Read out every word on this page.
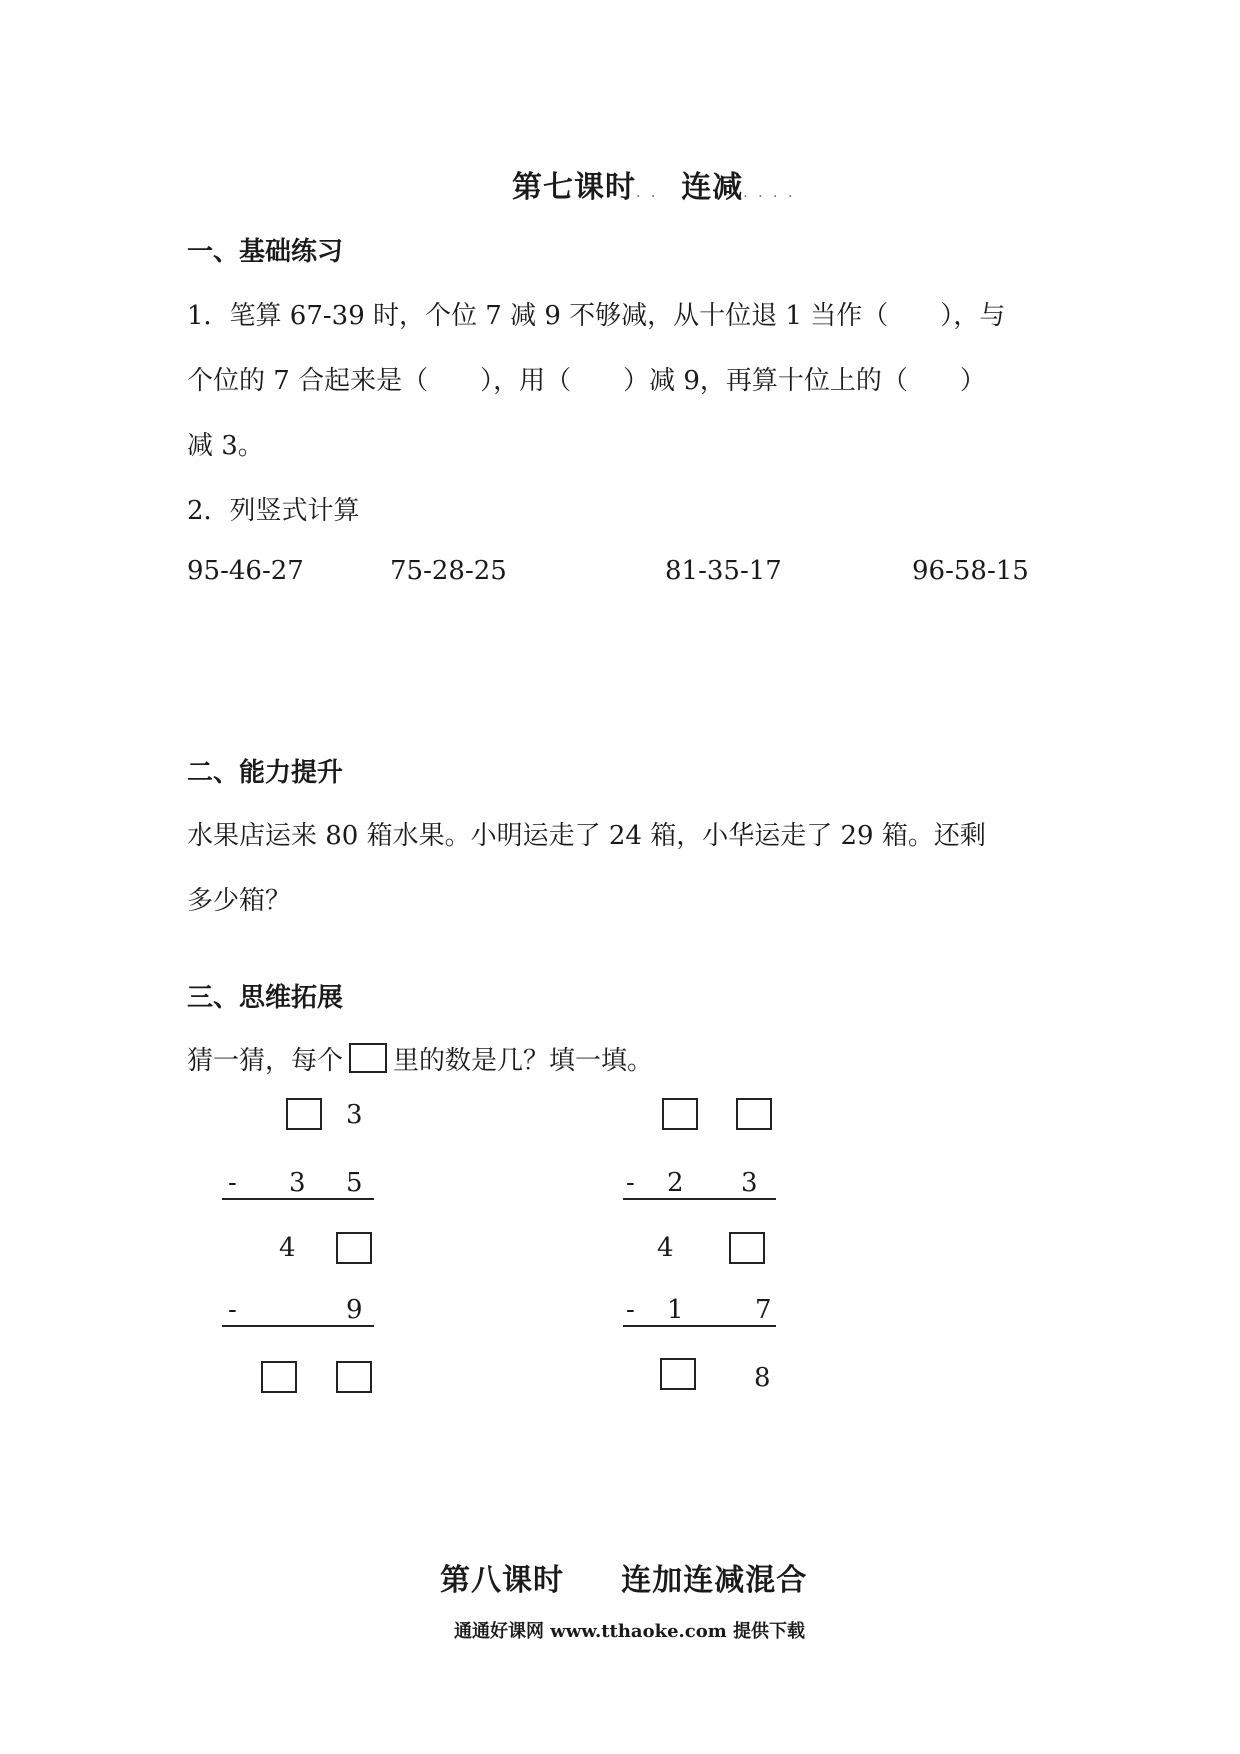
第七课时. . 连减. . . .
一、基础练习
1．笔算 67-39 时，个位 7 减 9 不够减，从十位退 1 当作（　　），与
个位的 7 合起来是（　　），用（　　）减 9，再算十位上的（　　）
减 3。
2．列竖式计算
95-46-27	75-28-25	81-35-17	96-58-15
二、能力提升
水果店运来 80 箱水果。小明运走了 24 箱，小华运走了 29 箱。还剩
多少箱？
三、思维拓展
猜一猜，每个 里的数是几？填一填。
3
- 3 5
4
-	9
- 2 3
4
- 1	7
8
第八课时 连加连减混合
通通好课网 www.tthaoke.com 提供下载
